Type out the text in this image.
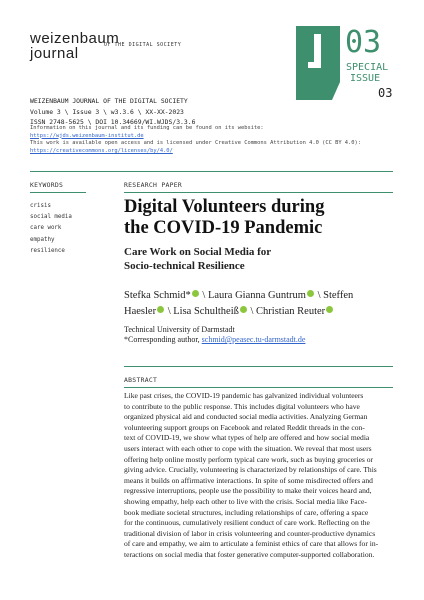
weizenbaum
journal	OF THE DIGITAL SOCIETY	03
SPECIAL
ISSUE
03
WEIZENBAUM JOURNAL OF THE DIGITAL SOCIETY
Volume 3 \ Issue 3 \ w3.3.6 \ XX-XX-2023
ISSN 2748-5625 \ DOI 10.34669/WI.WJDS/3.3.6
Information on this journal and its funding can be found on its website:
https://wjds.weizenbaum-institut.de
This work is available open access and is licensed under Creative Commons Attribution 4.0 (CC BY 4.0):
https://creativecommons.org/licenses/by/4.0/
KEYWORDS
crisis
social media
care work
empathy
resilience
RESEARCH PAPER
Digital Volunteers during
the COVID-19 Pandemic
Care Work on Social Media for
Socio-technical Resilience
Stefka Schmid* \ Laura Gianna Guntrum \ Steffen
Haesler \ Lisa Schultheiß \ Christian Reuter
Technical University of Darmstadt
*Corresponding author, schmid@peasec.tu-darmstadt.de
ABSTRACT
Like past crises, the COVID-19 pandemic has galvanized individual volunteers
to contribute to the public response. This includes digital volunteers who have
organized physical aid and conducted social media activities. Analyzing German
volunteering support groups on Facebook and related Reddit threads in the con-
text of COVID-19, we show what types of help are offered and how social media
users interact with each other to cope with the situation. We reveal that most users
offering help online mostly perform typical care work, such as buying groceries or
giving advice. Crucially, volunteering is characterized by relationships of care. This
means it builds on affirmative interactions. In spite of some misdirected offers and
regressive interruptions, people use the possibility to make their voices heard and,
showing empathy, help each other to live with the crisis. Social media like Face-
book mediate societal structures, including relationships of care, offering a space
for the continuous, cumulatively resilient conduct of care work. Reflecting on the
traditional division of labor in crisis volunteering and counter-productive dynamics
of care and empathy, we aim to articulate a feminist ethics of care that allows for in-
teractions on social media that foster generative computer-supported collaboration.
